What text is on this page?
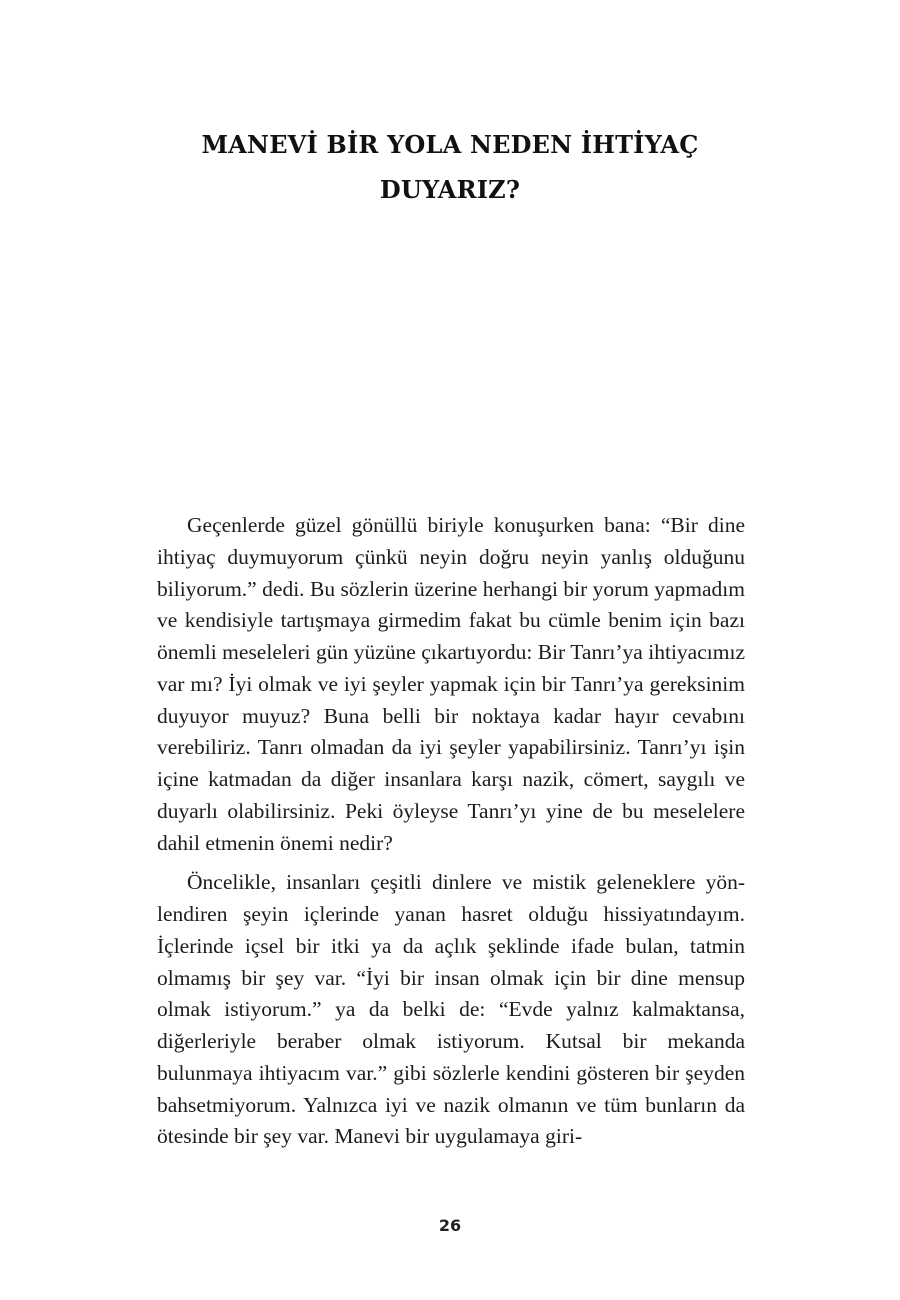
MANEVİ BİR YOLA NEDEN İHTİYAÇ
DUYARIZ?

Geçenlerde güzel gönüllü biriyle konuşurken bana: “Bir dine ihtiyaç duymuyorum çünkü neyin doğru neyin yanlış olduğunu biliyorum.” dedi. Bu sözlerin üzerine herhangi bir yorum yapmadım ve kendisiyle tartışmaya girmedim fakat bu cümle benim için bazı önemli meseleleri gün yüzüne çıkartıyordu: Bir Tanrı’ya ihtiyacımız var mı? İyi olmak ve iyi şeyler yapmak için bir Tanrı’ya gereksinim duyuyor muyuz? Buna belli bir noktaya kadar hayır cevabını verebiliriz. Tanrı olmadan da iyi şeyler yapabilirsiniz. Tanrı’yı işin içine katmadan da diğer insanlara karşı nazik, cömert, saygılı ve duyarlı olabilirsiniz. Peki öyleyse Tanrı’yı yine de bu meselelere dahil etmenin önemi nedir?

Öncelikle, insanları çeşitli dinlere ve mistik geleneklere yönlendiren şeyin içlerinde yanan hasret olduğu hissiyatındayım. İçlerinde içsel bir itki ya da açlık şeklinde ifade bulan, tatmin olmamış bir şey var. “İyi bir insan olmak için bir dine mensup olmak istiyorum.” ya da belki de: “Evde yalnız kalmaktansa, diğerleriyle beraber olmak istiyorum. Kutsal bir mekanda bulunmaya ihtiyacım var.” gibi sözlerle kendini gösteren bir şeyden bahsetmiyorum. Yalnızca iyi ve nazik olmanın ve tüm bunların da ötesinde bir şey var. Manevi bir uygulamaya giri-

26
